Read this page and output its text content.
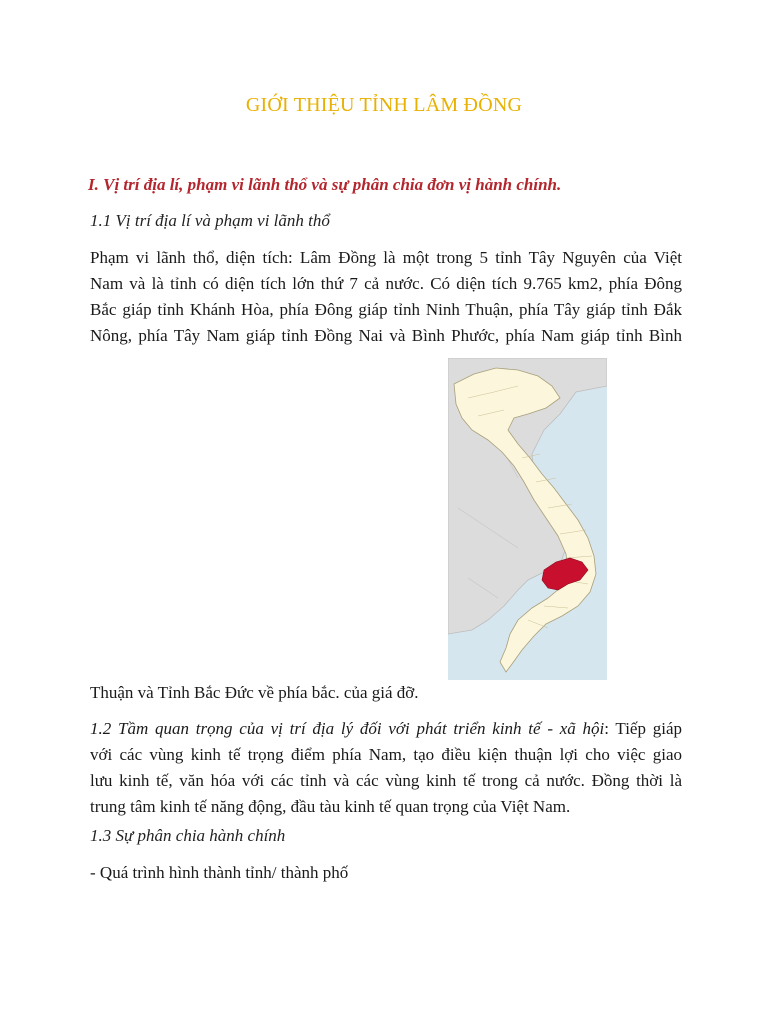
GIỚI THIỆU TỈNH LÂM ĐỒNG
I. Vị trí địa lí, phạm vi lãnh thổ và sự phân chia đơn vị hành chính.
1.1 Vị trí địa lí và phạm vi lãnh thổ
Phạm vi lãnh thổ, diện tích: Lâm Đồng là một trong 5 tỉnh Tây Nguyên của Việt
Nam và là tỉnh có diện tích lớn thứ 7 cả nước. Có diện tích 9.765 km2, phía Đông
Bắc giáp tỉnh Khánh Hòa, phía Đông giáp tỉnh Ninh Thuận, phía Tây giáp tỉnh Đắk
Nông, phía Tây Nam giáp tỉnh Đồng Nai và Bình Phước, phía Nam giáp tỉnh Bình
Thuận và Tỉnh Bắc Đức về phía bắc. của giá đỡ.
1.2 Tầm quan trọng của vị trí địa lý đối với phát triển kinh tế - xã hội: Tiếp giáp
với các vùng kinh tế trọng điểm phía Nam, tạo điều kiện thuận lợi cho việc giao
lưu kinh tế, văn hóa với các tỉnh và các vùng kinh tế trong cả nước. Đồng thời là
trung tâm kinh tế năng động, đầu tàu kinh tế quan trọng của Việt Nam.
1.3 Sự phân chia hành chính
- Quá trình hình thành tỉnh/ thành phố
